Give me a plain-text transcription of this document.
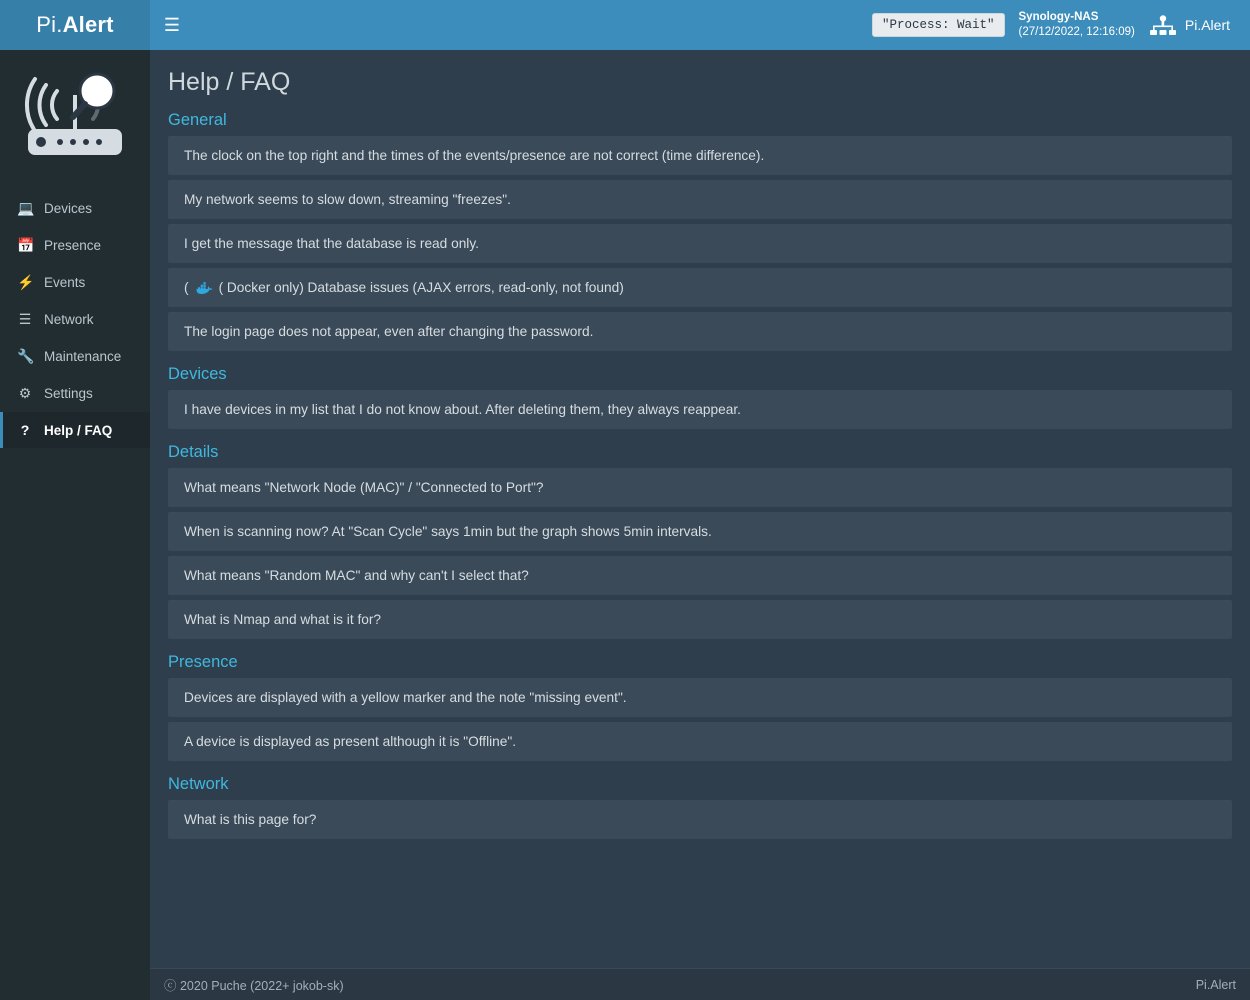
Pi. Alert	☰	"Process: Wait"
Synology-NAS
(27/12/2022, 12:16:09)	Pi.Alert
💻 Devices
📅 Presence
⚡ Events
☰ Network
🔧 Maintenance
⚙ Settings
? Help / FAQ
Help / FAQ
General
The clock on the top right and the times of the events/presence are not correct (time difference).
My network seems to slow down, streaming "freezes".
I get the message that the database is read only.
( ( Docker only) Database issues (AJAX errors, read-only, not found)
The login page does not appear, even after changing the password.
Devices
I have devices in my list that I do not know about. After deleting them, they always reappear.
Details
What means "Network Node (MAC)" / "Connected to Port"?
When is scanning now? At "Scan Cycle" says 1min but the graph shows 5min intervals.
What means "Random MAC" and why can't I select that?
What is Nmap and what is it for?
Presence
Devices are displayed with a yellow marker and the note "missing event".
A device is displayed as present although it is "Offline".
Network
What is this page for?
ⓒ 2020 Puche (2022+ jokob-sk)	Pi.Alert
